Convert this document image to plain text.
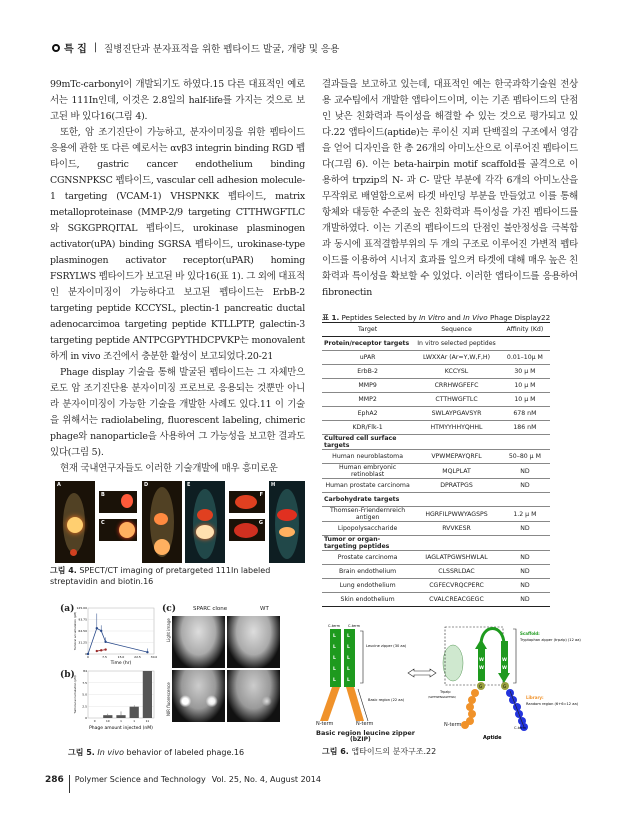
특 집 | 질병진단과 분자표적을 위한 펩타이드 발굴, 개량 및 응용

99mTc-carbonyl이 개발되기도 하였다.15 다른 대표적인 예로서는 111In인데, 이것은 2.8일의 half-life를 가지는 것으로 보고된 바 있다16(그림 4).

또한, 암 조기진단이 가능하고, 분자이미징을 위한 펩타이드 응용에 관한 또 다른 예로서는 αvβ3 integrin binding RGD 펩타이드, gastric cancer endothelium binding CGNSNPKSC 펩타이드, vascular cell adhesion molecule-1 targeting (VCAM-1) VHSPNKK 펩타이드, matrix metalloproteinase (MMP-2/9 targeting CTTHWGFTLC와 SGKGPRQITAL 펩타이드, urokinase plasminogen activator(uPA) binding SGRSA 펩타이드, urokinase-type plasminogen activator receptor(uPAR) homing FSRYLWS 펩타이드가 보고된 바 있다16(표 1). 그 외에 대표적인 분자이미징이 가능하다고 보고된 펩타이드는 ErbB-2 targeting peptide KCCYSL, plectin-1 pancreatic ductal adenocarcimoa targeting peptide KTLLPTP, galectin-3 targeting peptide ANTPCGPYTHDCPVKP는 monovalent하게 in vivo 조건에서 충분한 활성이 보고되었다.20-21

Phage display 기술을 통해 발굴된 펩타이드는 그 자체만으로도 암 조기진단용 분자이미징 프로브로 응용되는 것뿐만 아니라 분자이미징이 가능한 기술을 개발한 사례도 있다.11 이 기술을 위해서는 radiolabeling, fluorescent labeling, chimeric phage와 nanoparticle을 사용하여 그 가능성을 보고한 결과도 있다(그림 5).

현재 국내연구자들도 이러한 기술개발에 매우 흥미로운

결과들을 보고하고 있는데, 대표적인 예는 한국과학기술원 전상용 교수팀에서 개발한 앱타이드이며, 이는 기존 펩타이드의 단점인 낮은 친화력과 특이성을 해결할 수 있는 것으로 평가되고 있다.22 앱타이드(aptide)는 루이신 지퍼 단백질의 구조에서 영감을 얻어 디자인을 한 총 26개의 아미노산으로 이루어진 펩타이드다(그림 6). 이는 beta-hairpin motif scaffold를 골격으로 이용하여 trpzip의 N- 과 C- 말단 부분에 각각 6개의 아미노산을 무작위로 배열함으로써 타겟 바인딩 부분을 만들었고 이를 통해 항체와 대등한 수준의 높은 친화력과 특이성을 가진 펩타이드를 개발하였다. 이는 기존의 펩타이드의 단점인 불안정성을 극복함과 동시에 표적결합부위의 두 개의 구조로 이루어진 가변적 펩타이드를 이용하여 시너지 효과를 일으켜 타겟에 대해 매우 높은 친화력과 특이성을 확보할 수 있었다. 이러한 앱타이드를 응용하여 fibronectin

A
B
C
D	E
F
G
H
그림 4. SPECT/CT imaging of pretargeted 111In labeled streptavidin and biotin.16
(a)
(b)
0
31.25
62.50
93.75
125.00
0	7.5	15.0	22.5	30.0
Time (hr)
Tumoral accumulation (pM)
0
2.5
5.0
7.5
84
0	10	1	1	11
Phage amount injected (nM)
Tumoral accumulation (pM)
(c)	SPARC clone	WT
Light image
NIR fluorescence
그림 5. In vivo behavior of labeled phage.16
표 1. Peptides Selected by In Vitro and In Vivo Phage Display22
Target	Sequence	Affinity (Kd)
Protein/receptor targets	In vitro selected peptides	
uPAR	LWXXAr (Ar=Y,W,F,H)	0.01–10μ M
ErbB-2	KCCYSL	30 μ M
MMP9	CRRHWGFEFC	10 μ M
MMP2	CTTHWGFTLC	10 μ M
EphA2	SWLAYPGAVSYR	678 nM
KDR/Flk-1	HTMYYHHYQHHL	186 nM
Cultured cell surface targets		
Human neuroblastoma	VPWMEPAYQRFL	50–80 μ M
Human embryonic retinoblast	MQLPLAT	ND
Human prostate carcinoma	DPRATPGS	ND
Carbohydrate targets		
Thomsen-Friendernreich antigen	HGRFILPWWYAGSPS	1.2 μ M
Lipopolysaccharide	RVVKESR	ND
Tumor or organ-targeting peptides		
Prostate carcinoma	IAGLATPGWSHWLAL	ND
Brain endothelium	CLSSRLDAC	ND
Lung endothelium	CGFECVRQCPERC	ND
Skin endothelium	CVALCREACGEGC	ND
C-term C-term
L L
L L
L L
L L
L L
Leucine zipper (30 aa)
Basic region (22 aa)
Trpzip
(SWTWENGKWTWK)
W
W
W
W
G	G
Scaffold:
Tryptophan zipper (trpzip) (12 aa)
Library:
Random region (6+6=12 aa)
C-term
Aptide
N-term	N-term	N-term
Basic region leucine zipper
(bZIP)
그림 6. 앱타이드의 분자구조.22
286 Polymer Science and Technology Vol. 25, No. 4, August 2014
